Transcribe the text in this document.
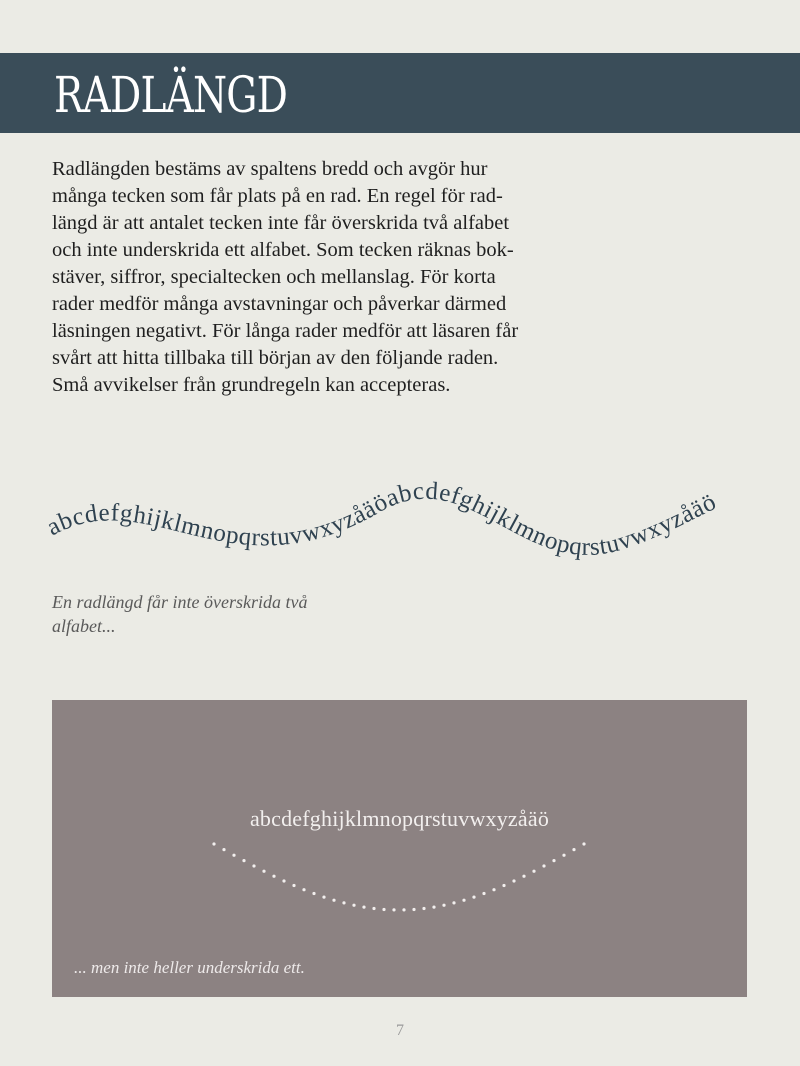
RADLÄNGD

Radlängden bestäms av spaltens bredd och avgör hur
många tecken som får plats på en rad. En regel för rad-
längd är att antalet tecken inte får överskrida två alfabet
och inte underskrida ett alfabet. Som tecken räknas bok-
stäver, siffror, specialtecken och mellanslag. För korta
rader medför många avstavningar och påverkar därmed
läsningen negativt. För långa rader medför att läsaren får
svårt att hitta tillbaka till början av den följande raden.
Små avvikelser från grundregeln kan accepteras.

abcdefghijklmnopqrstuvwxyzåäöabcdefghijklmnopqrstuvwxyzåäö

En radlängd får inte överskrida två
alfabet...

abcdefghijklmnopqrstuvwxyzåäö

... men inte heller underskrida ett.

7
